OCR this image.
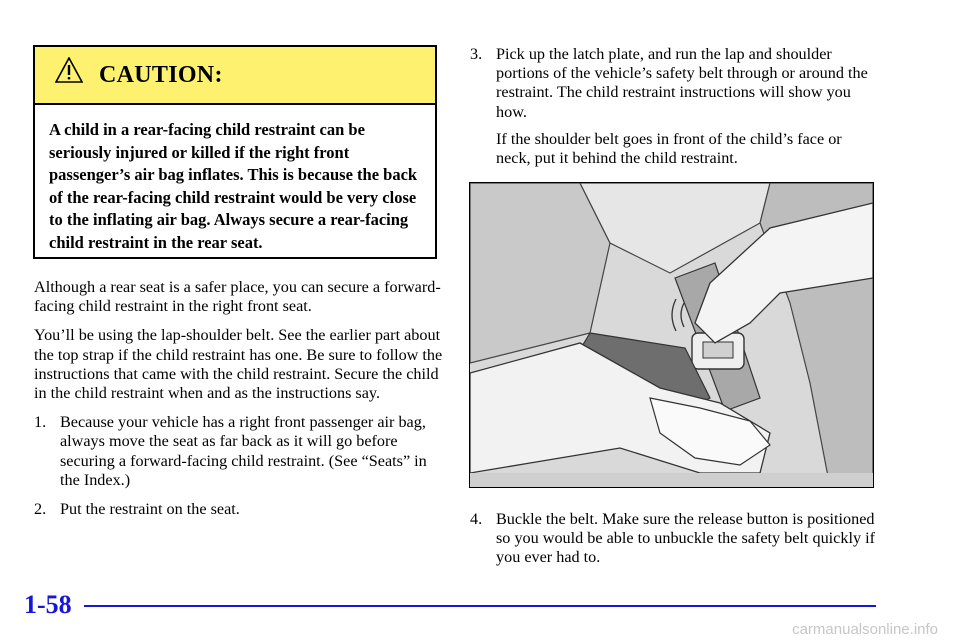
CAUTION:
A child in a rear-facing child restraint can be seriously injured or killed if the right front passenger’s air bag inflates. This is because the back of the rear-facing child restraint would be very close to the inflating air bag. Always secure a rear-facing child restraint in the rear seat.

Although a rear seat is a safer place, you can secure a forward-facing child restraint in the right front seat.

You’ll be using the lap-shoulder belt. See the earlier part about the top strap if the child restraint has one. Be sure to follow the instructions that came with the child restraint. Secure the child in the child restraint when and as the instructions say.

1. Because your vehicle has a right front passenger air bag, always move the seat as far back as it will go before securing a forward-facing child restraint. (See “Seats” in the Index.)
2. Put the restraint on the seat.
3. Pick up the latch plate, and run the lap and shoulder portions of the vehicle’s safety belt through or around the restraint. The child restraint instructions will show you how.
If the shoulder belt goes in front of the child’s face or neck, put it behind the child restraint.
4. Buckle the belt. Make sure the release button is positioned so you would be able to unbuckle the safety belt quickly if you ever had to.
1-58
carmanualsonline.info
